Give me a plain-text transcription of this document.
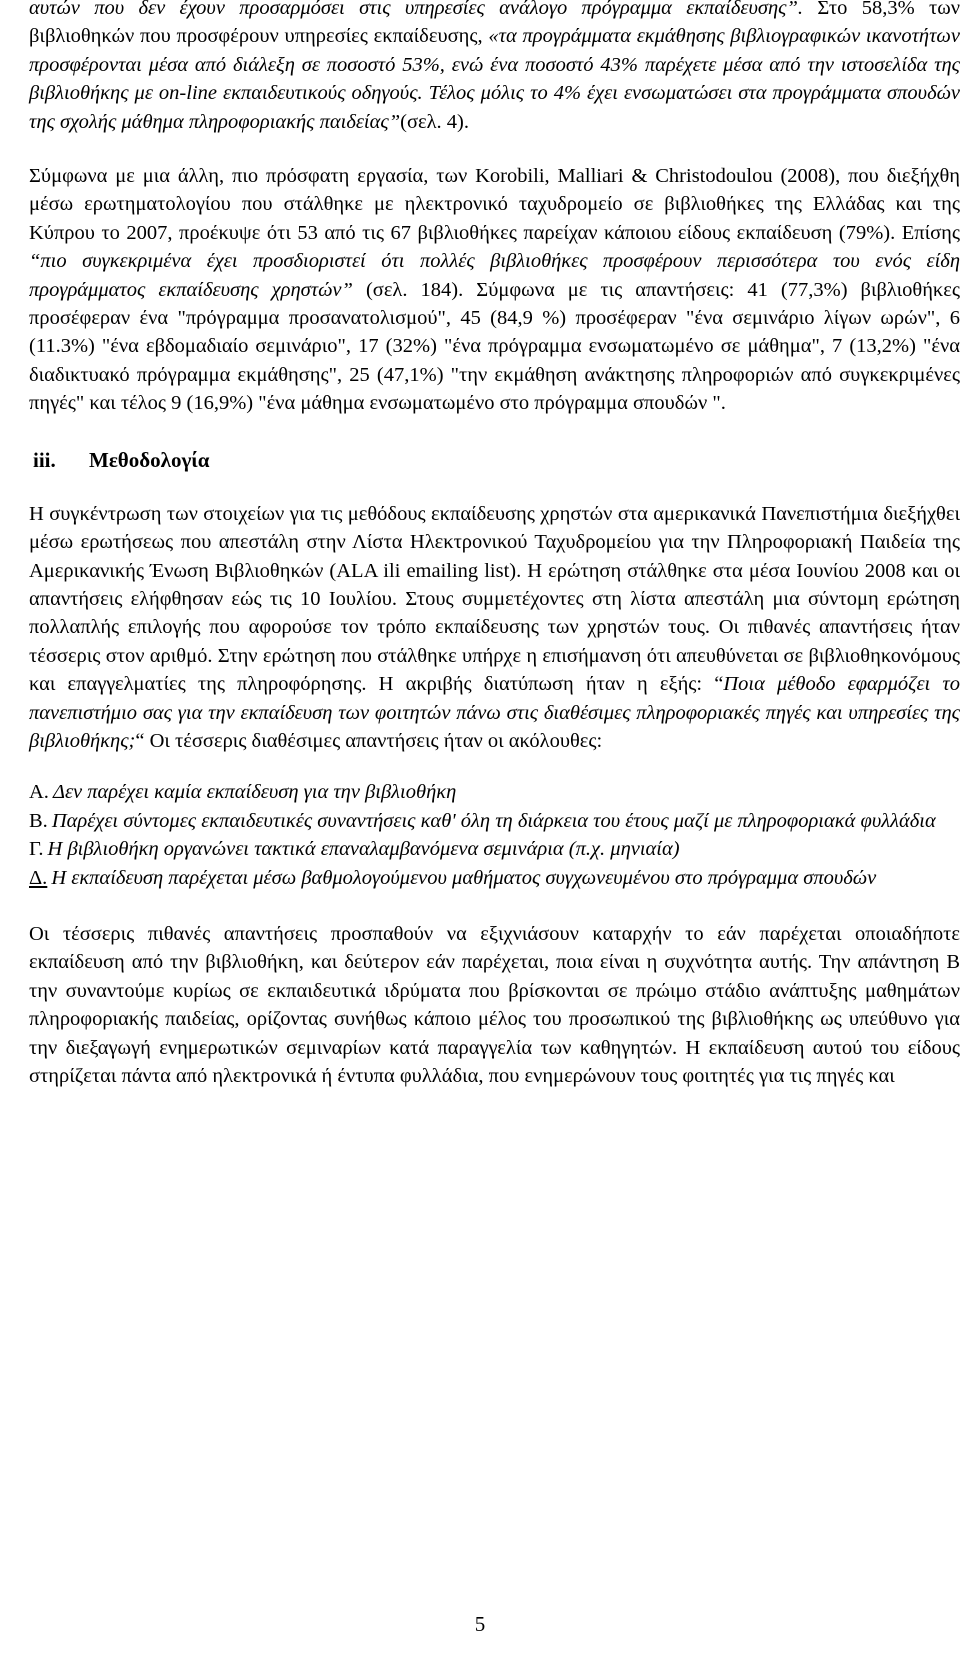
αυτών που δεν έχουν προσαρμόσει στις υπηρεσίες ανάλογο πρόγραμμα εκπαίδευσης”. Στο 58,3% των βιβλιοθηκών που προσφέρουν υπηρεσίες εκπαίδευσης, «τα προγράμματα εκμάθησης βιβλιογραφικών ικανοτήτων προσφέρονται μέσα από διάλεξη σε ποσοστό 53%, ενώ ένα ποσοστό 43% παρέχετε μέσα από την ιστοσελίδα της βιβλιοθήκης με on-line εκπαιδευτικούς οδηγούς. Τέλος μόλις το 4% έχει ενσωματώσει στα προγράμματα σπουδών της σχολής μάθημα πληροφοριακής παιδείας”(σελ. 4).

Σύμφωνα με μια άλλη, πιο πρόσφατη εργασία, των Korobili, Malliari & Christodoulou (2008), που διεξήχθη μέσω ερωτηματολογίου που στάλθηκε με ηλεκτρονικό ταχυδρομείο σε βιβλιοθήκες της Ελλάδας και της Κύπρου το 2007, προέκυψε ότι 53 από τις 67 βιβλιοθήκες παρείχαν κάποιου είδους εκπαίδευση (79%). Επίσης “πιο συγκεκριμένα έχει προσδιοριστεί ότι πολλές βιβλιοθήκες προσφέρουν περισσότερα του ενός είδη προγράμματος εκπαίδευσης χρηστών” (σελ. 184). Σύμφωνα με τις απαντήσεις: 41 (77,3%) βιβλιοθήκες προσέφεραν ένα "πρόγραμμα προσανατολισμού", 45 (84,9 %) προσέφεραν "ένα σεμινάριο λίγων ωρών", 6 (11.3%) "ένα εβδομαδιαίο σεμινάριο", 17 (32%) "ένα πρόγραμμα ενσωματωμένο σε μάθημα", 7 (13,2%) "ένα διαδικτυακό πρόγραμμα εκμάθησης", 25 (47,1%) "την εκμάθηση ανάκτησης πληροφοριών από συγκεκριμένες πηγές" και τέλος 9 (16,9%) "ένα μάθημα ενσωματωμένο στο πρόγραμμα σπουδών ".

iii. Μεθοδολογία

Η συγκέντρωση των στοιχείων για τις μεθόδους εκπαίδευσης χρηστών στα αμερικανικά Πανεπιστήμια διεξήχθει μέσω ερωτήσεως που απεστάλη στην Λίστα Ηλεκτρονικού Ταχυδρομείου για την Πληροφοριακή Παιδεία της Αμερικανικής Ένωση Βιβλιοθηκών (ALA ili emailing list). Η ερώτηση στάλθηκε στα μέσα Ιουνίου 2008 και οι απαντήσεις ελήφθησαν εώς τις 10 Ιουλίου. Στους συμμετέχοντες στη λίστα απεστάλη μια σύντομη ερώτηση πολλαπλής επιλογής που αφορούσε τον τρόπο εκπαίδευσης των χρηστών τους. Οι πιθανές απαντήσεις ήταν τέσσερις στον αριθμό. Στην ερώτηση που στάλθηκε υπήρχε η επισήμανση ότι απευθύνεται σε βιβλιοθηκονόμους και επαγγελματίες της πληροφόρησης. Η ακριβής διατύπωση ήταν η εξής: “Ποια μέθοδο εφαρμόζει το πανεπιστήμιο σας για την εκπαίδευση των φοιτητών πάνω στις διαθέσιμες πληροφοριακές πηγές και υπηρεσίες της βιβλιοθήκης;“ Οι τέσσερις διαθέσιμες απαντήσεις ήταν οι ακόλουθες:

Α. Δεν παρέχει καμία εκπαίδευση για την βιβλιοθήκη

Β. Παρέχει σύντομες εκπαιδευτικές συναντήσεις καθ' όλη τη διάρκεια του έτους μαζί με πληροφοριακά φυλλάδια

Γ. Η βιβλιοθήκη οργανώνει τακτικά επαναλαμβανόμενα σεμινάρια (π.χ. μηνιαία)

Δ. Η εκπαίδευση παρέχεται μέσω βαθμολογούμενου μαθήματος συγχωνευμένου στο πρόγραμμα σπουδών

Οι τέσσερις πιθανές απαντήσεις προσπαθούν να εξιχνιάσουν καταρχήν το εάν παρέχεται οποιαδήποτε εκπαίδευση από την βιβλιοθήκη, και δεύτερον εάν παρέχεται, ποια είναι η συχνότητα αυτής. Την απάντηση Β την συναντούμε κυρίως σε εκπαιδευτικά ιδρύματα που βρίσκονται σε πρώιμο στάδιο ανάπτυξης μαθημάτων πληροφοριακής παιδείας, ορίζοντας συνήθως κάποιο μέλος του προσωπικού της βιβλιοθήκης ως υπεύθυνο για την διεξαγωγή ενημερωτικών σεμιναρίων κατά παραγγελία των καθηγητών. Η εκπαίδευση αυτού του είδους στηρίζεται πάντα από ηλεκτρονικά ή έντυπα φυλλάδια, που ενημερώνουν τους φοιτητές για τις πηγές και

5
